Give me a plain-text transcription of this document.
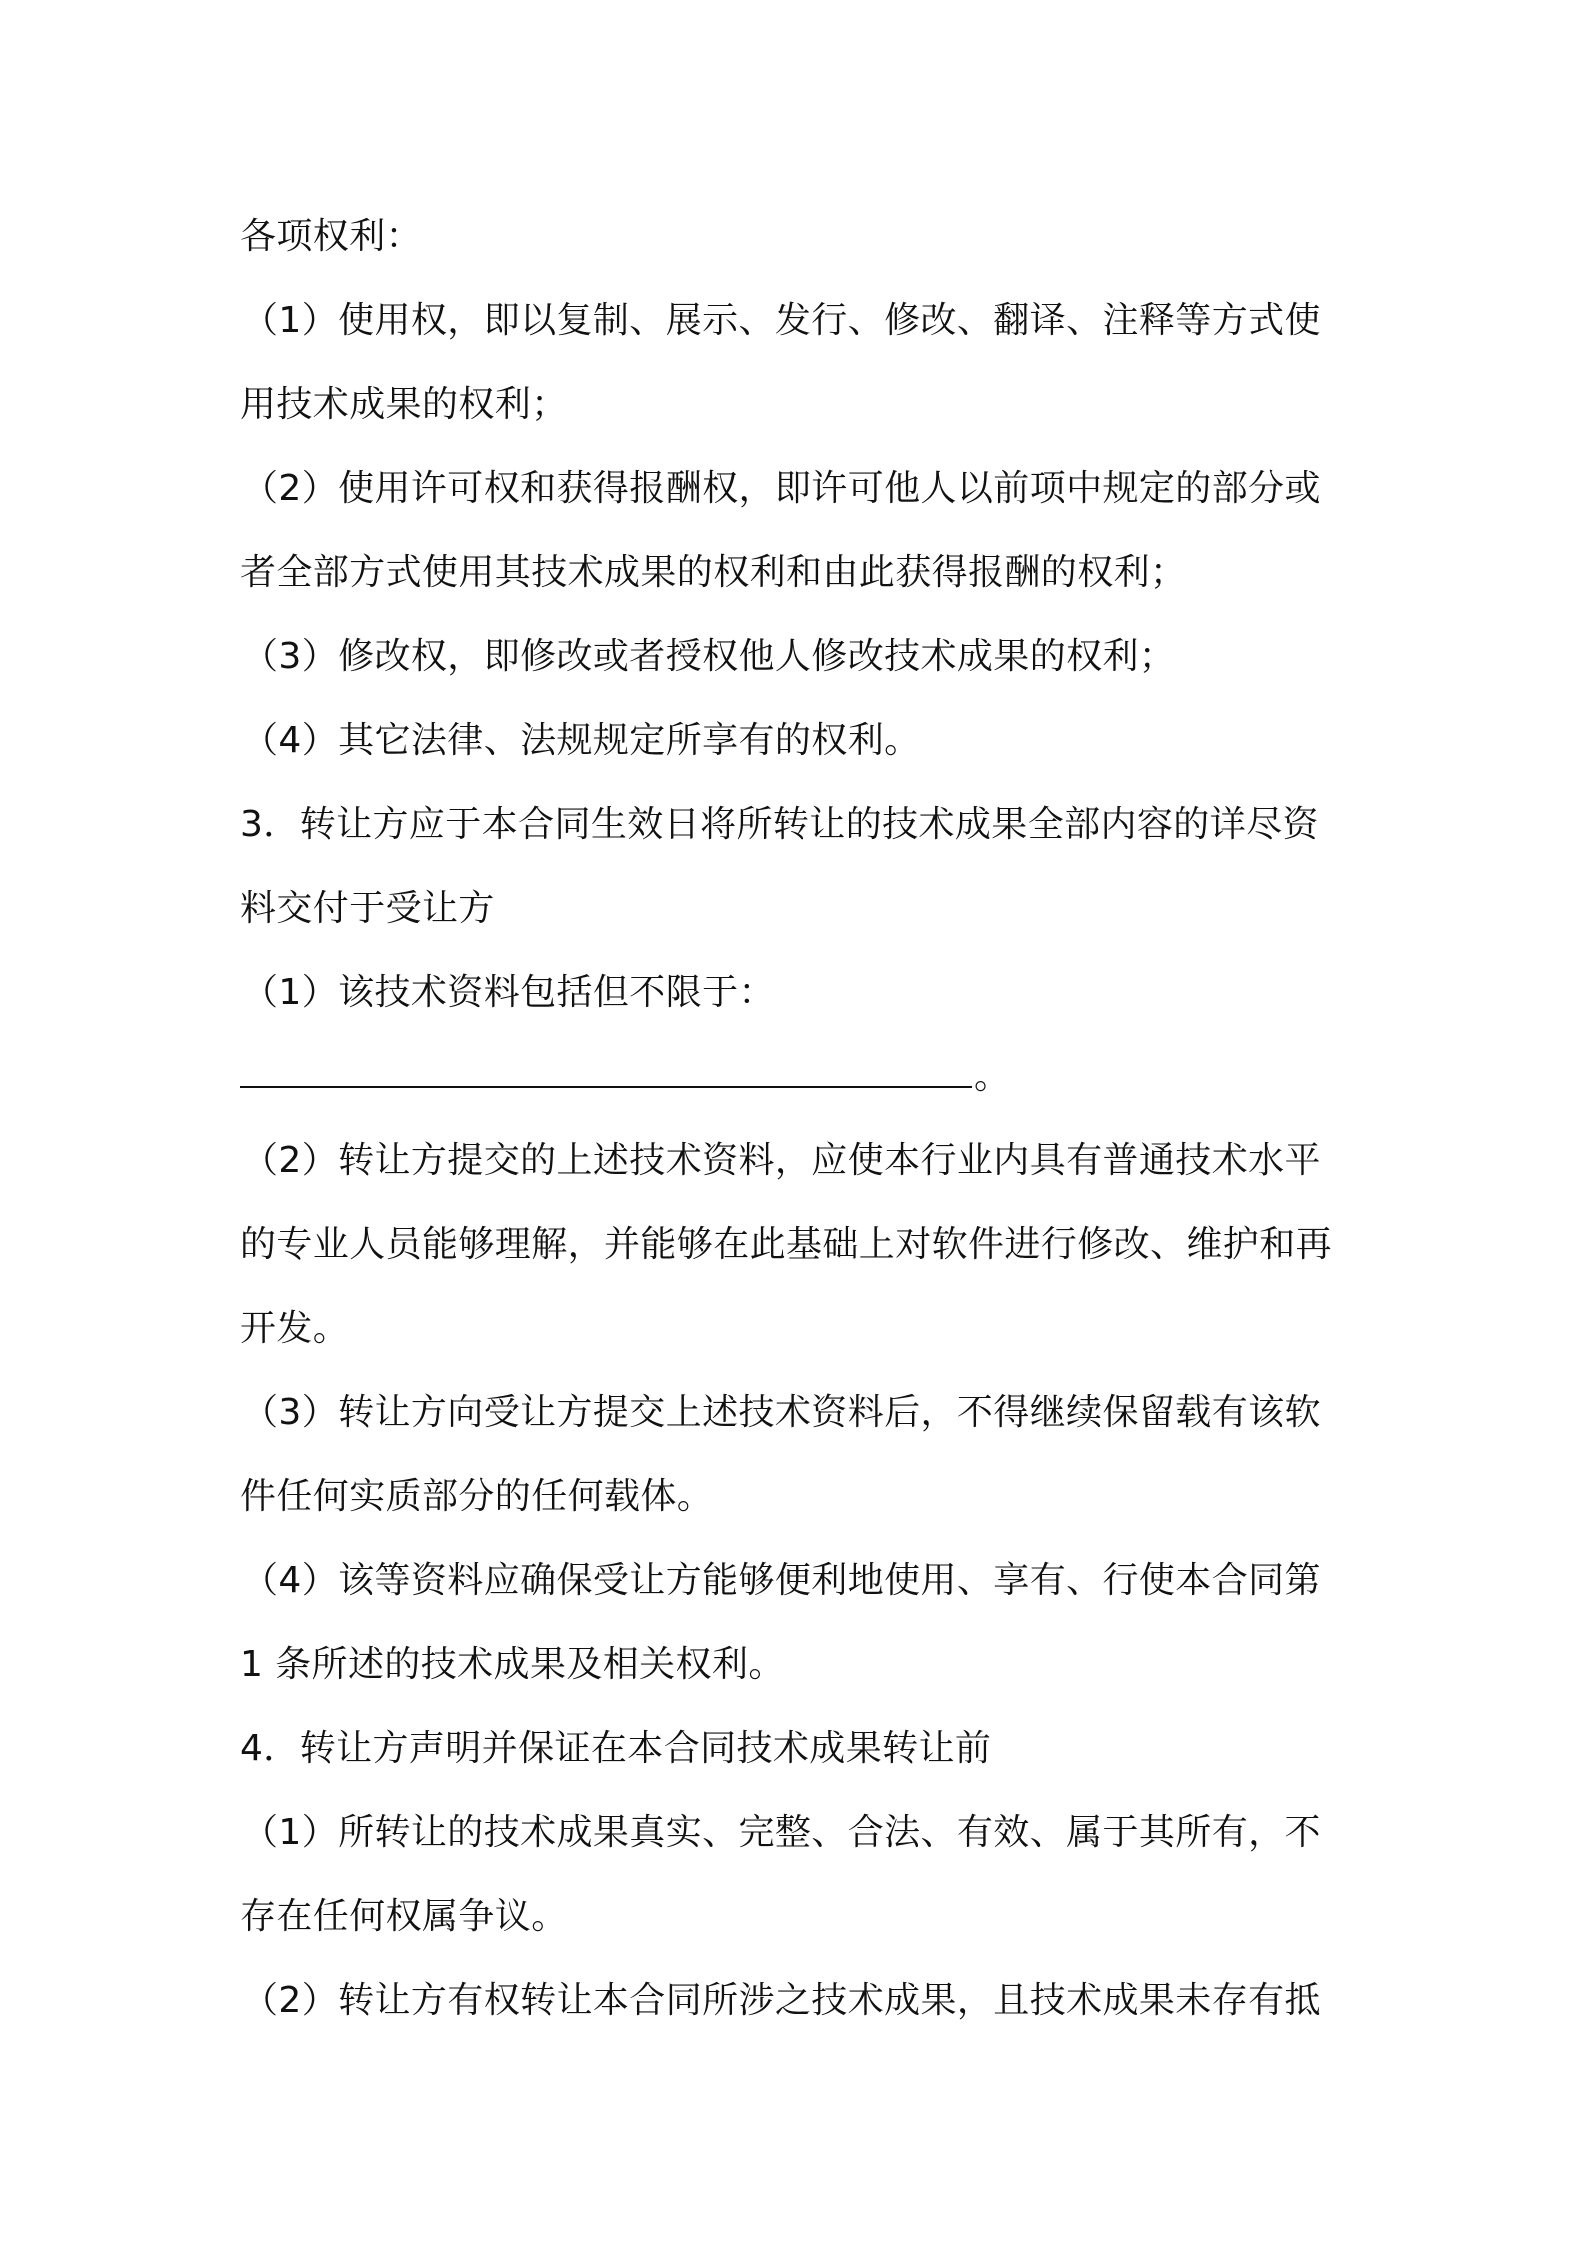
各项权利：
（1）使用权，即以复制、展示、发行、修改、翻译、注释等方式使
用技术成果的权利；
（2）使用许可权和获得报酬权，即许可他人以前项中规定的部分或
者全部方式使用其技术成果的权利和由此获得报酬的权利；
（3）修改权，即修改或者授权他人修改技术成果的权利；
（4）其它法律、法规规定所享有的权利。
3．转让方应于本合同生效日将所转让的技术成果全部内容的详尽资
料交付于受让方
（1）该技术资料包括但不限于：
。
（2）转让方提交的上述技术资料，应使本行业内具有普通技术水平
的专业人员能够理解，并能够在此基础上对软件进行修改、维护和再
开发。
（3）转让方向受让方提交上述技术资料后，不得继续保留载有该软
件任何实质部分的任何载体。
（4）该等资料应确保受让方能够便利地使用、享有、行使本合同第
1 条所述的技术成果及相关权利。
4．转让方声明并保证在本合同技术成果转让前
（1）所转让的技术成果真实、完整、合法、有效、属于其所有，不
存在任何权属争议。
（2）转让方有权转让本合同所涉之技术成果，且技术成果未存有抵
